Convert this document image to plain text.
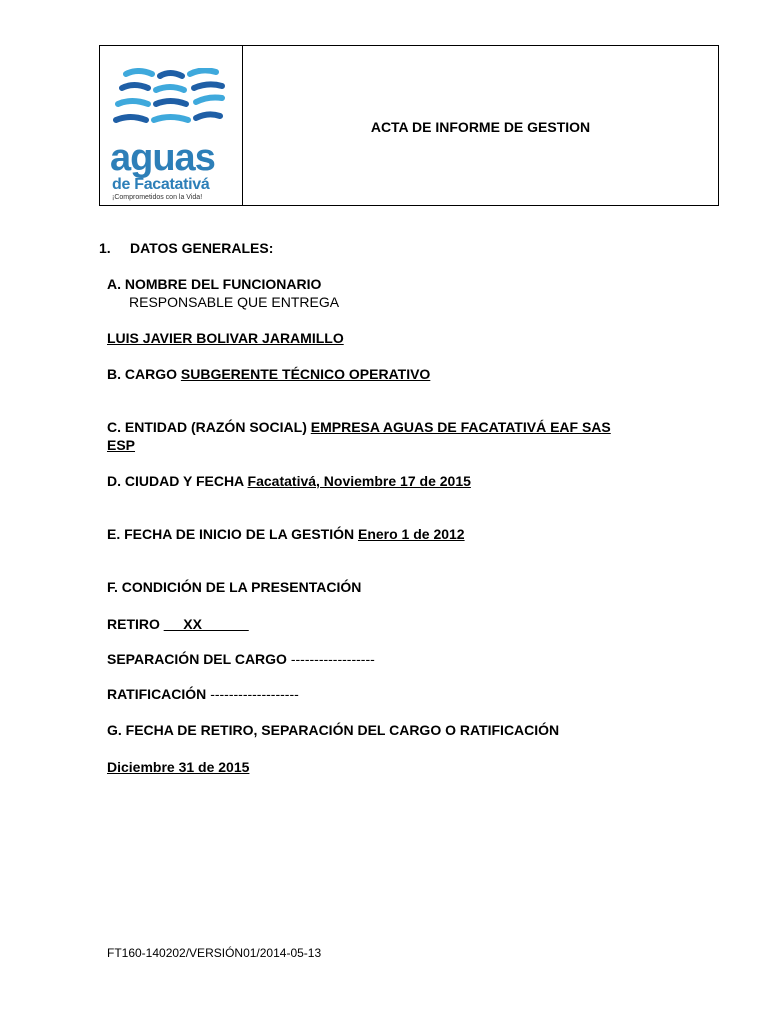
aguas
de Facatativá
¡Comprometidos con la Vida!
ACTA DE INFORME DE GESTION
1. DATOS GENERALES:
A. NOMBRE DEL FUNCIONARIO
RESPONSABLE QUE ENTREGA
LUIS JAVIER BOLIVAR JARAMILLO
B. CARGO SUBGERENTE TÉCNICO OPERATIVO
C. ENTIDAD (RAZÓN SOCIAL) EMPRESA AGUAS DE FACATATIVÁ EAF SAS
ESP
D. CIUDAD Y FECHA Facatativá, Noviembre 17 de 2015
E. FECHA DE INICIO DE LA GESTIÓN Enero 1 de 2012
F. CONDICIÓN DE LA PRESENTACIÓN
RETIRO __ XX______
SEPARACIÓN DEL CARGO ------------------
RATIFICACIÓN -------------------
G. FECHA DE RETIRO, SEPARACIÓN DEL CARGO O RATIFICACIÓN
Diciembre 31 de 2015
FT160-140202/VERSIÓN01/2014-05-13
